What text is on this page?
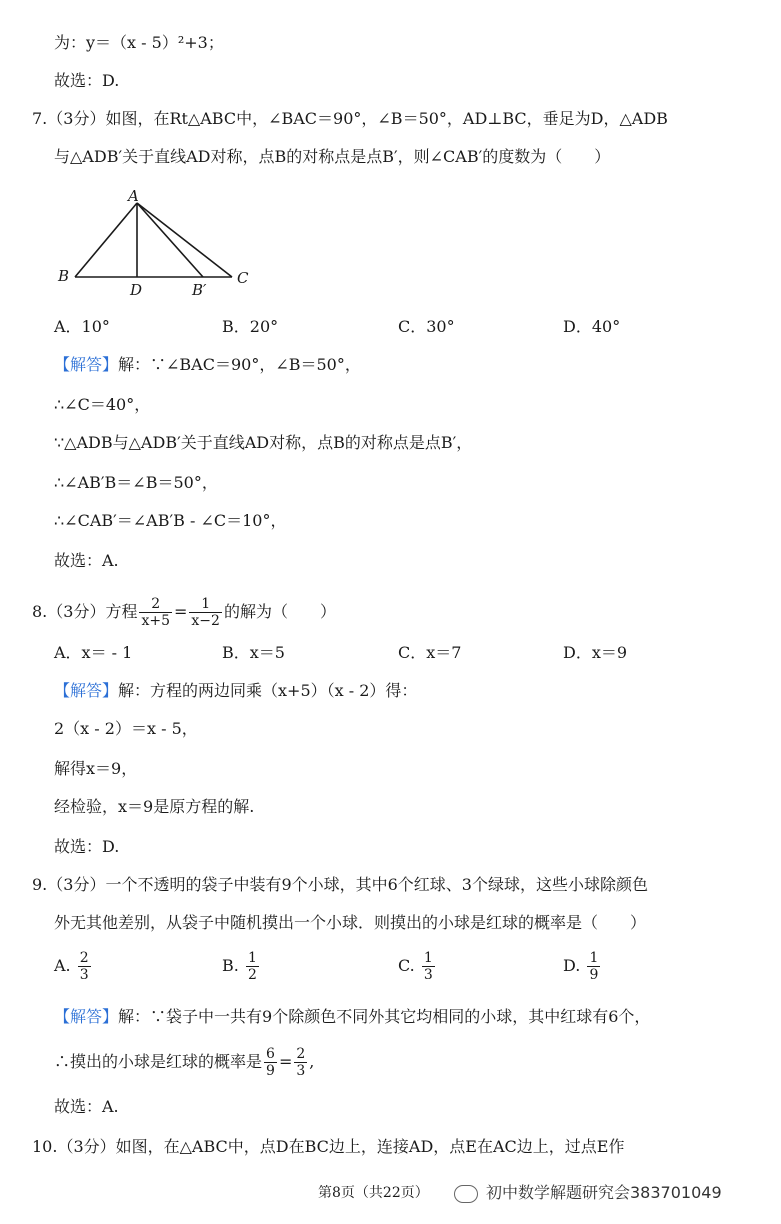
为：y＝（x - 5）²+3；
故选：D.
7.（3分）如图，在Rt△ABC中，∠BAC＝90°，∠B＝50°，AD⊥BC，垂足为D，△ADB
与△ADB′关于直线AD对称，点B的对称点是点B′，则∠CAB′的度数为（　　）
A
B	C
D	B′
A．10°	B．20°	C．30°	D．40°
【解答】解：∵∠BAC＝90°，∠B＝50°，
∴∠C＝40°，
∵△ADB与△ADB′关于直线AD对称，点B的对称点是点B′，
∴∠AB′B＝∠B＝50°，
∴∠CAB′＝∠AB′B - ∠C＝10°，
故选：A.
8.（3分）方程 $\frac{2}{x+5} = \frac{1}{x-2}$ 的解为（　　）
A．x＝ - 1	B．x＝5	C．x＝7	D．x＝9
【解答】解：方程的两边同乘（x+5）（x - 2）得：
2（x - 2）＝x - 5，
解得x＝9，
经检验，x＝9是原方程的解.
故选：D.
9.（3分）一个不透明的袋子中装有9个小球，其中6个红球、3个绿球，这些小球除颜色
外无其他差别，从袋子中随机摸出一个小球．则摸出的小球是红球的概率是（　　）
A. $\frac{2}{3}$	B. $\frac{1}{2}$	C. $\frac{1}{3}$	D. $\frac{1}{9}$
【解答】解：∵袋子中一共有9个除颜色不同外其它均相同的小球，其中红球有6个，
∴摸出的小球是红球的概率是 $\frac{6}{9} = \frac{2}{3}$ ,
故选：A.
10.（3分）如图，在△ABC中，点D在BC边上，连接AD，点E在AC边上，过点E作
第8页（共22页）	初中数学解题研究会383701049
